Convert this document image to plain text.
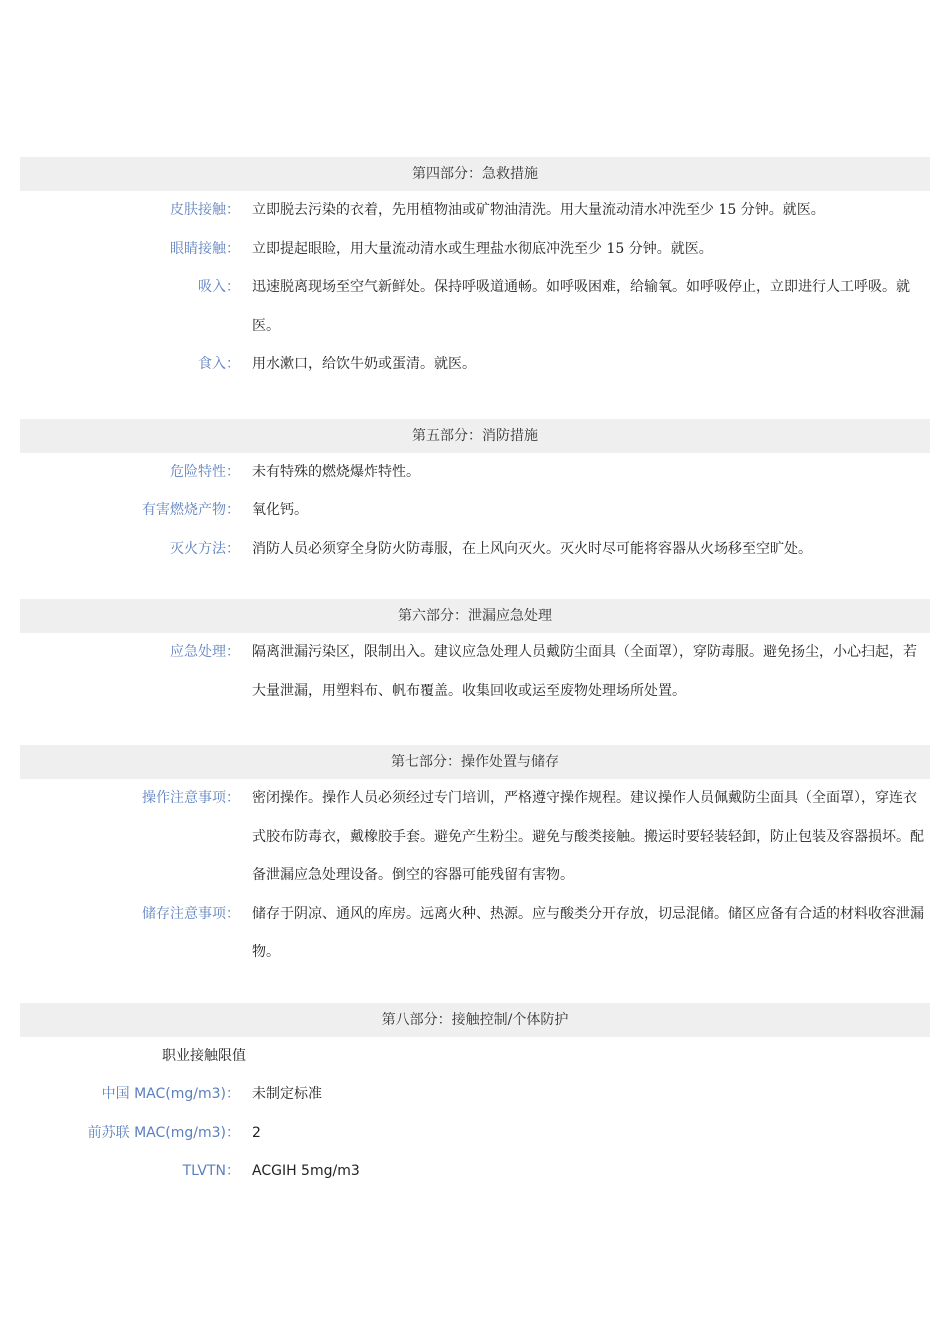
第四部分：急救措施
皮肤接触： 立即脱去污染的衣着，先用植物油或矿物油清洗。用大量流动清水冲洗至少 15 分钟。就医。
眼睛接触： 立即提起眼睑，用大量流动清水或生理盐水彻底冲洗至少 15 分钟。就医。
吸入： 迅速脱离现场至空气新鲜处。保持呼吸道通畅。如呼吸困难，给输氧。如呼吸停止，立即进行人工呼吸。就医。
食入： 用水漱口，给饮牛奶或蛋清。就医。
第五部分：消防措施
危险特性： 未有特殊的燃烧爆炸特性。
有害燃烧产物： 氧化钙。
灭火方法： 消防人员必须穿全身防火防毒服，在上风向灭火。灭火时尽可能将容器从火场移至空旷处。
第六部分：泄漏应急处理
应急处理： 隔离泄漏污染区，限制出入。建议应急处理人员戴防尘面具（全面罩），穿防毒服。避免扬尘，小心扫起，若大量泄漏，用塑料布、帆布覆盖。收集回收或运至废物处理场所处置。
第七部分：操作处置与储存
操作注意事项： 密闭操作。操作人员必须经过专门培训，严格遵守操作规程。建议操作人员佩戴防尘面具（全面罩），穿连衣式胶布防毒衣，戴橡胶手套。避免产生粉尘。避免与酸类接触。搬运时要轻装轻卸，防止包装及容器损坏。配备泄漏应急处理设备。倒空的容器可能残留有害物。
储存注意事项： 储存于阴凉、通风的库房。远离火种、热源。应与酸类分开存放，切忌混储。储区应备有合适的材料收容泄漏物。
第八部分：接触控制/个体防护
职业接触限值
中国 MAC(mg/m3)： 未制定标准
前苏联 MAC(mg/m3)： 2
TLVTN： ACGIH 5mg/m3
